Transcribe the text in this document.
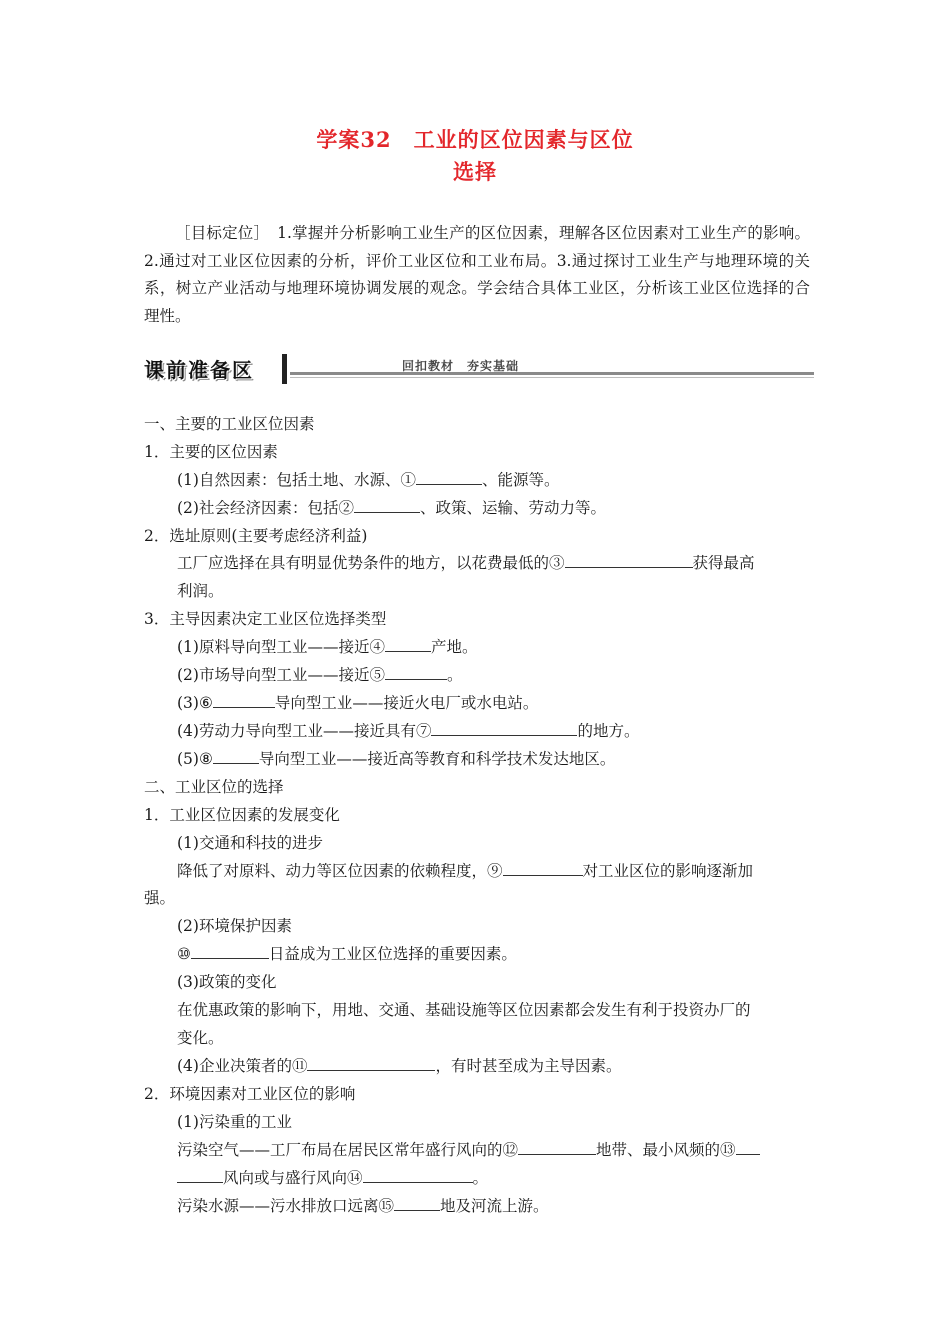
学案32　工业的区位因素与区位
选择

［目标定位］　1.掌握并分析影响工业生产的区位因素，理解各区位因素对工业生产的影响。2.通过对工业区位因素的分析，评价工业区位和工业布局。3.通过探讨工业生产与地理环境的关系，树立产业活动与地理环境协调发展的观念。学会结合具体工业区，分析该工业区位选择的合理性。

课前准备区	回扣教材　夯实基础
一、主要的工业区位因素
1．主要的区位因素
(1)自然因素：包括土地、水源、①	、能源等。
(2)社会经济因素：包括②	、政策、运输、劳动力等。
2．选址原则(主要考虑经济利益)
工厂应选择在具有明显优势条件的地方，以花费最低的③	获得最高
利润。
3．主导因素决定工业区位选择类型
(1)原料导向型工业——接近④	产地。
(2)市场导向型工业——接近⑤	。
(3)⑥	导向型工业——接近火电厂或水电站。
(4)劳动力导向型工业——接近具有⑦	的地方。
(5)⑧	导向型工业——接近高等教育和科学技术发达地区。
二、工业区位的选择
1．工业区位因素的发展变化
(1)交通和科技的进步
降低了对原料、动力等区位因素的依赖程度，⑨	对工业区位的影响逐渐加
强。
(2)环境保护因素
⑩	日益成为工业区位选择的重要因素。
(3)政策的变化
在优惠政策的影响下，用地、交通、基础设施等区位因素都会发生有利于投资办厂的
变化。
(4)企业决策者的⑪	，有时甚至成为主导因素。
2．环境因素对工业区位的影响
(1)污染重的工业
污染空气——工厂布局在居民区常年盛行风向的⑫	地带、最小风频的⑬
风向或与盛行风向⑭	。
污染水源——污水排放口远离⑮	地及河流上游。
